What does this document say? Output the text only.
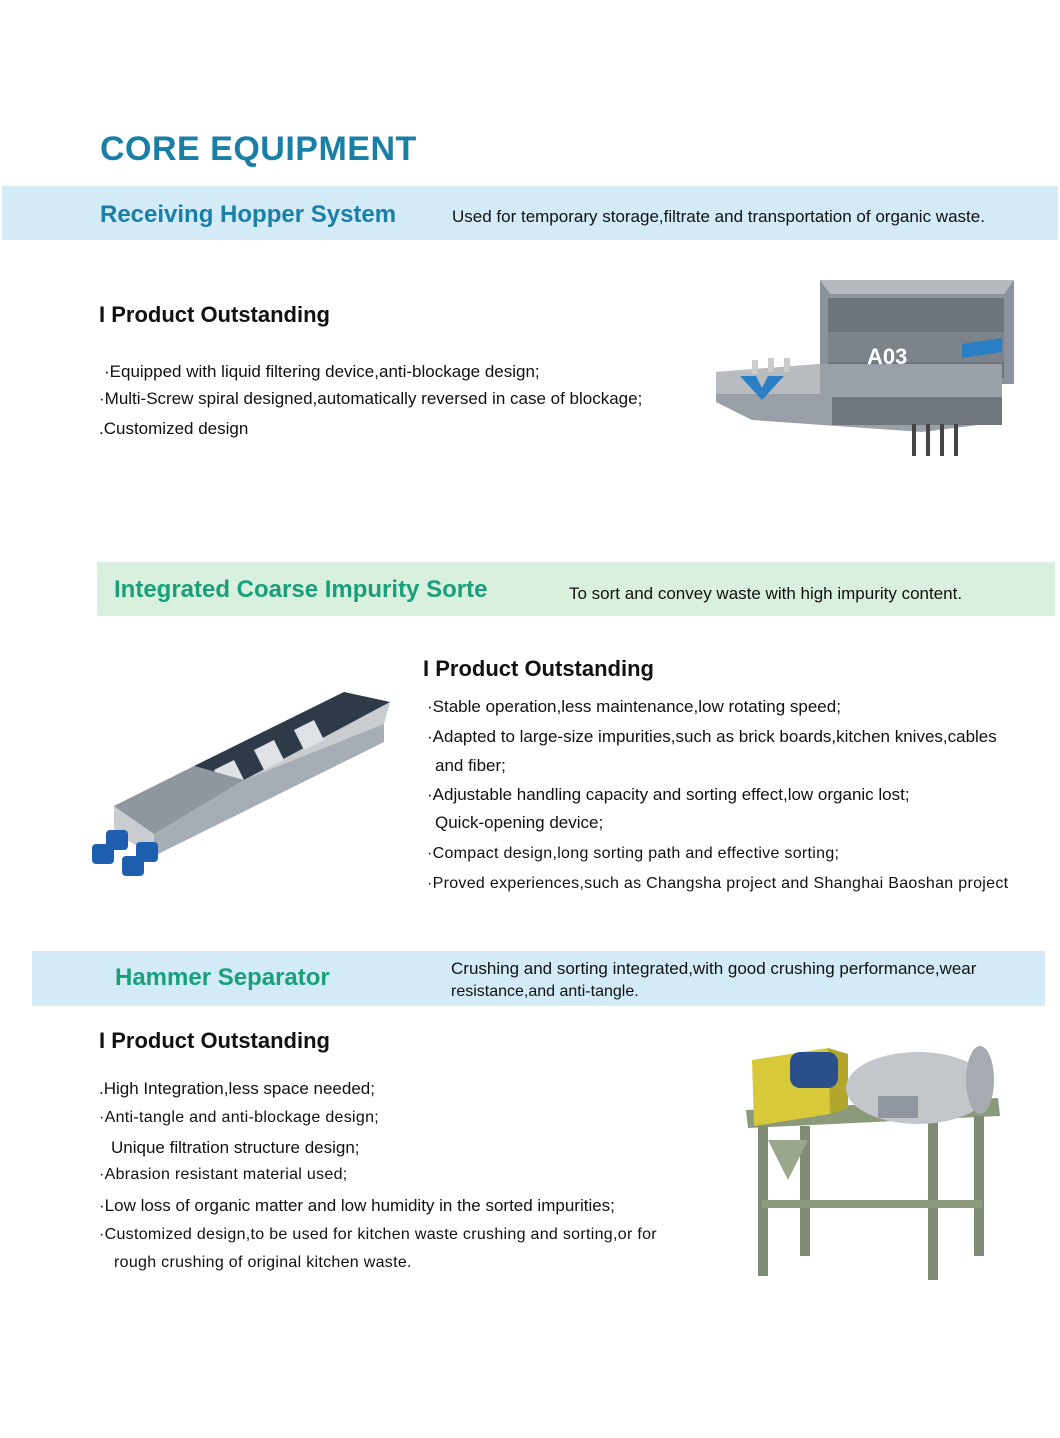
CORE EQUIPMENT
Receiving Hopper System	Used for temporary storage,filtrate and transportation of organic waste.
I Product Outstanding
·Equipped with liquid filtering device,anti-blockage design;
·Multi-Screw spiral designed,automatically reversed in case of blockage;
.Customized design
A03
Integrated Coarse Impurity Sorte	To sort and convey waste with high impurity content.
I Product Outstanding
·Stable operation,less maintenance,low rotating speed;
·Adapted to large-size impurities,such as brick boards,kitchen knives,cables
and fiber;
·Adjustable handling capacity and sorting effect,low organic lost;
Quick-opening device;
·Compact design,long sorting path and effective sorting;
·Proved experiences,such as Changsha project and Shanghai Baoshan project
Hammer Separator	Crushing and sorting integrated,with good crushing performance,wear
resistance,and anti-tangle.
I Product Outstanding
.High Integration,less space needed;
·Anti-tangle and anti-blockage design;
Unique filtration structure design;
·Abrasion resistant material used;
·Low loss of organic matter and low humidity in the sorted impurities;
·Customized design,to be used for kitchen waste crushing and sorting,or for
rough crushing of original kitchen waste.
